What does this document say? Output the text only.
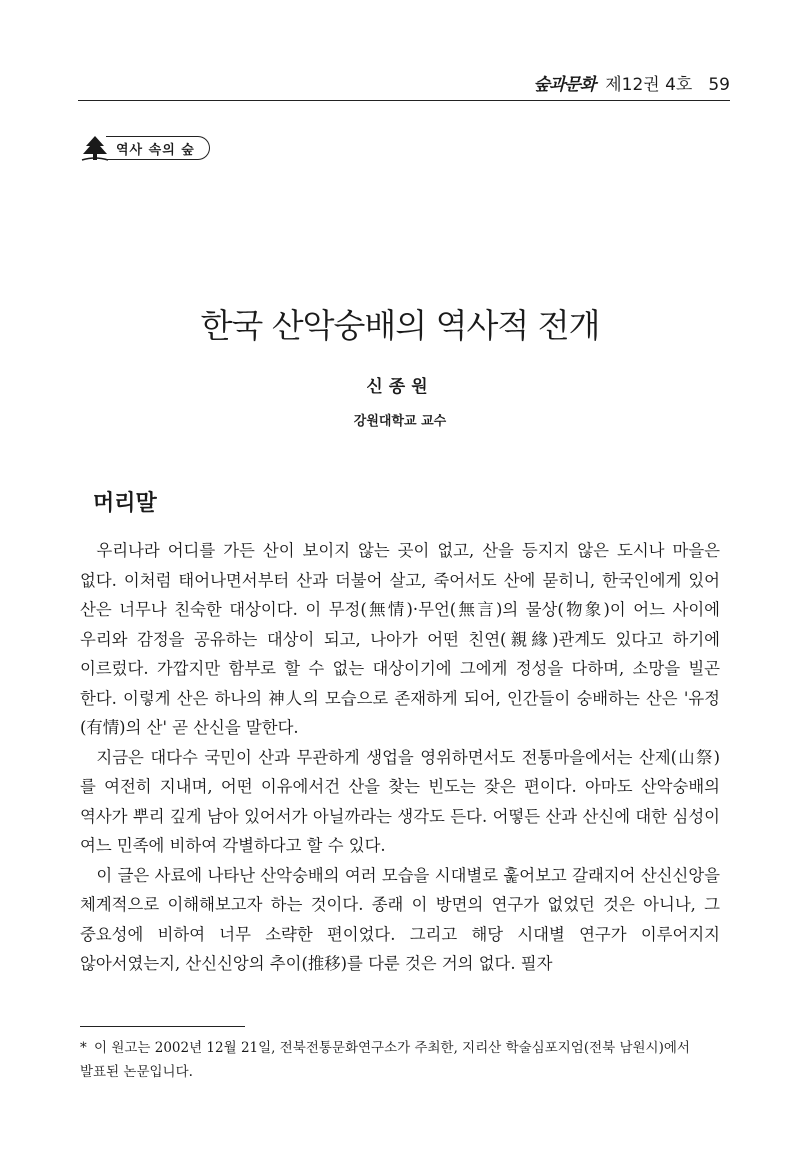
숲과문화 제12권 4호 59
역사 속의 숲
한국 산악숭배의 역사적 전개
신종원
강원대학교 교수
머리말

우리나라 어디를 가든 산이 보이지 않는 곳이 없고, 산을 등지지 않은 도시나 마을은 없다. 이처럼 태어나면서부터 산과 더불어 살고, 죽어서도 산에 묻히니, 한국인에게 있어 산은 너무나 친숙한 대상이다. 이 무정(無情)·무언(無言)의 물상(物象)이 어느 사이에 우리와 감정을 공유하는 대상이 되고, 나아가 어떤 친연(親緣)관계도 있다고 하기에 이르렀다. 가깝지만 함부로 할 수 없는 대상이기에 그에게 정성을 다하며, 소망을 빌곤 한다. 이렇게 산은 하나의 神人의 모습으로 존재하게 되어, 인간들이 숭배하는 산은 '유정(有情)의 산' 곧 산신을 말한다.

지금은 대다수 국민이 산과 무관하게 생업을 영위하면서도 전통마을에서는 산제(山祭)를 여전히 지내며, 어떤 이유에서건 산을 찾는 빈도는 잦은 편이다. 아마도 산악숭배의 역사가 뿌리 깊게 남아 있어서가 아닐까라는 생각도 든다. 어떻든 산과 산신에 대한 심성이 여느 민족에 비하여 각별하다고 할 수 있다.

이 글은 사료에 나타난 산악숭배의 여러 모습을 시대별로 훑어보고 갈래지어 산신신앙을 체계적으로 이해해보고자 하는 것이다. 종래 이 방면의 연구가 없었던 것은 아니나, 그 중요성에 비하여 너무 소략한 편이었다. 그리고 해당 시대별 연구가 이루어지지 않아서였는지, 산신신앙의 추이(推移)를 다룬 것은 거의 없다. 필자

* 이 원고는 2002년 12월 21일, 전북전통문화연구소가 주최한, 지리산 학술심포지엄(전북 남원시)에서 발표된 논문입니다.
